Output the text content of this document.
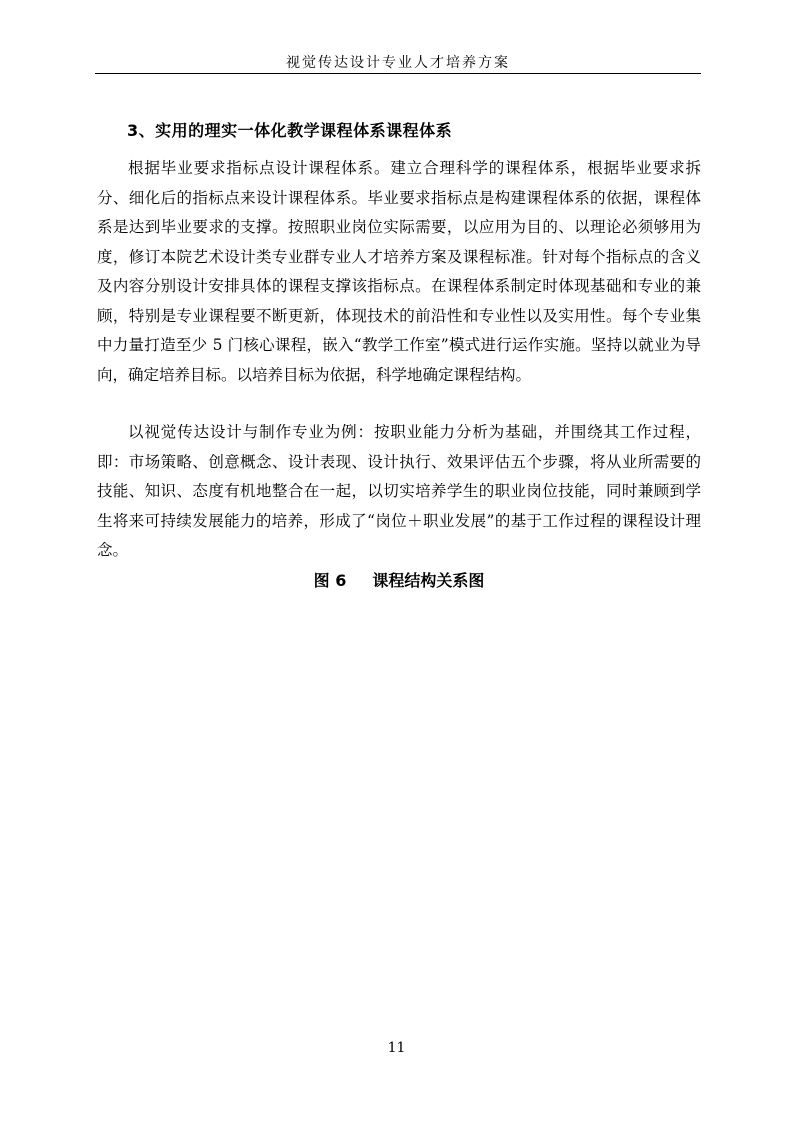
视觉传达设计专业人才培养方案
3、实用的理实一体化教学课程体系课程体系

根据毕业要求指标点设计课程体系。建立合理科学的课程体系，根据毕业要求拆分、细化后的指标点来设计课程体系。毕业要求指标点是构建课程体系的依据，课程体系是达到毕业要求的支撑。按照职业岗位实际需要，以应用为目的、以理论必须够用为度，修订本院艺术设计类专业群专业人才培养方案及课程标准。针对每个指标点的含义及内容分别设计安排具体的课程支撑该指标点。在课程体系制定时体现基础和专业的兼顾，特别是专业课程要不断更新，体现技术的前沿性和专业性以及实用性。每个专业集中力量打造至少 5 门核心课程，嵌入“教学工作室”模式进行运作实施。坚持以就业为导向，确定培养目标。以培养目标为依据，科学地确定课程结构。

以视觉传达设计与制作专业为例：按职业能力分析为基础，并围绕其工作过程，即：市场策略、创意概念、设计表现、设计执行、效果评估五个步骤，将从业所需要的技能、知识、态度有机地整合在一起，以切实培养学生的职业岗位技能，同时兼顾到学生将来可持续发展能力的培养，形成了“岗位＋职业发展”的基于工作过程的课程设计理念。

图 6 课程结构关系图
11
